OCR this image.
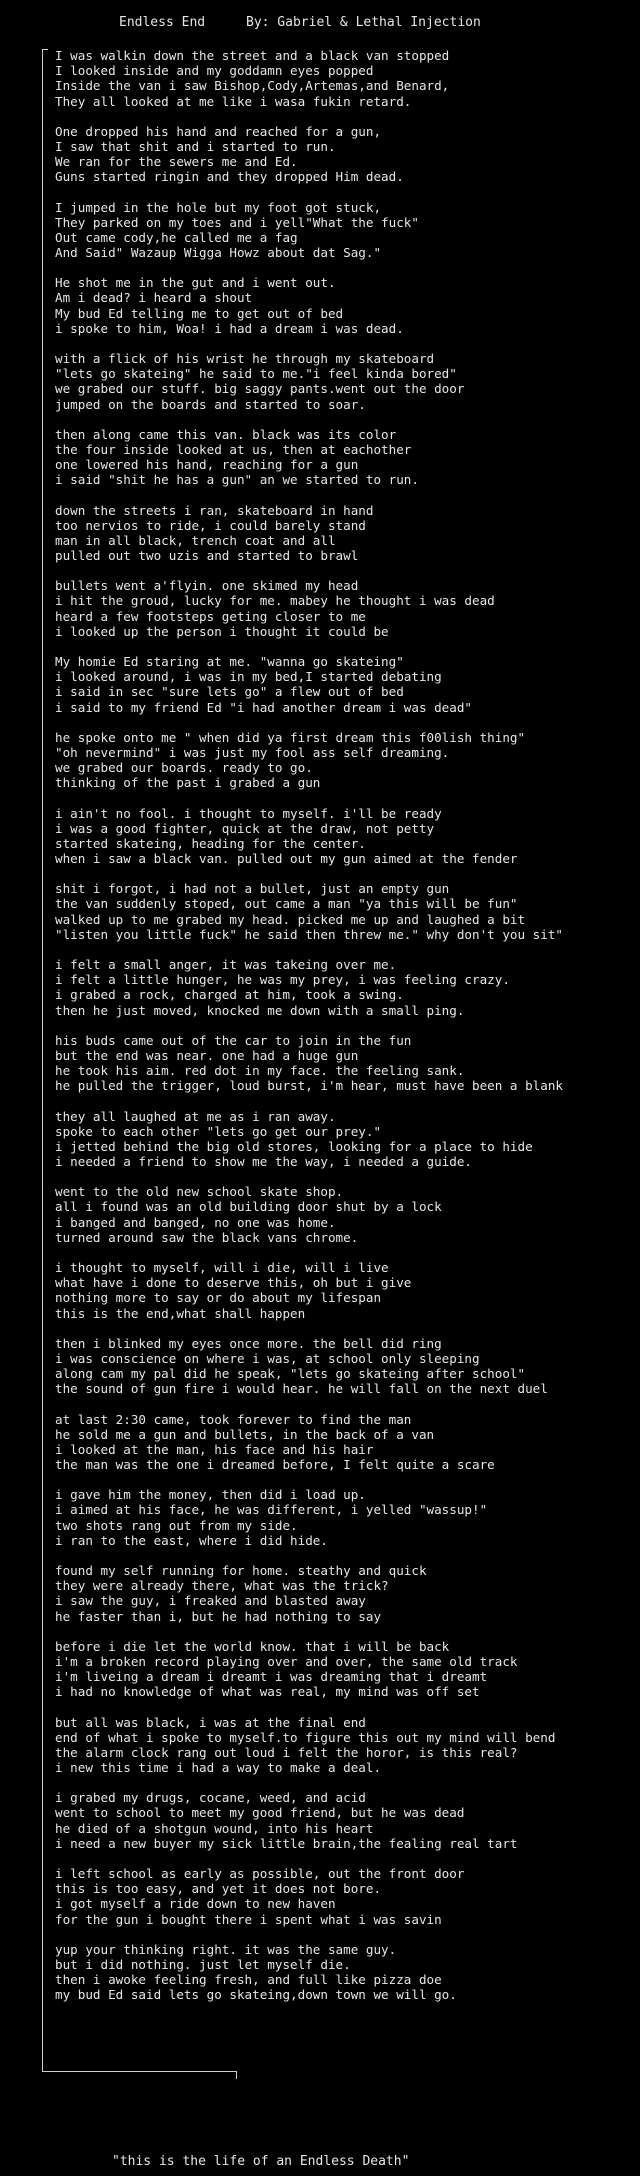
Endless End

	By: Gabriel & Lethal Injection

I was walkin down the street and a black van stopped
I looked inside and my goddamn eyes popped
Inside the van i saw Bishop,Cody,Artemas,and Benard,
They all looked at me like i wasa fukin retard.
One dropped his hand and reached for a gun,
I saw that shit and i started to run.
We ran for the sewers me and Ed.
Guns started ringin and they dropped Him dead.
I jumped in the hole but my foot got stuck,
They parked on my toes and i yell"What the fuck"
Out came cody,he called me a fag
And Said" Wazaup Wigga Howz about dat Sag."
He shot me in the gut and i went out.
Am i dead? i heard a shout
My bud Ed telling me to get out of bed
i spoke to him, Woa! i had a dream i was dead.
with a flick of his wrist he through my skateboard
"lets go skateing" he said to me."i feel kinda bored"
we grabed our stuff. big saggy pants.went out the door
jumped on the boards and started to soar.
then along came this van. black was its color
the four inside looked at us, then at eachother
one lowered his hand, reaching for a gun
i said "shit he has a gun" an we started to run.
down the streets i ran, skateboard in hand
too nervios to ride, i could barely stand
man in all black, trench coat and all
pulled out two uzis and started to brawl
bullets went a'flyin. one skimed my head
i hit the groud, lucky for me. mabey he thought i was dead
heard a few footsteps geting closer to me
i looked up the person i thought it could be
My homie Ed staring at me. "wanna go skateing"
i looked around, i was in my bed,I started debating
i said in sec "sure lets go" a flew out of bed
i said to my friend Ed "i had another dream i was dead"
he spoke onto me " when did ya first dream this f00lish thing"
"oh nevermind" i was just my fool ass self dreaming.
we grabed our boards. ready to go.
thinking of the past i grabed a gun
i ain't no fool. i thought to myself. i'll be ready
i was a good fighter, quick at the draw, not petty
started skateing, heading for the center.
when i saw a black van. pulled out my gun aimed at the fender
shit i forgot, i had not a bullet, just an empty gun
the van suddenly stoped, out came a man "ya this will be fun"
walked up to me grabed my head. picked me up and laughed a bit
"listen you little fuck" he said then threw me." why don't you sit"
i felt a small anger, it was takeing over me.
i felt a little hunger, he was my prey, i was feeling crazy.
i grabed a rock, charged at him, took a swing.
then he just moved, knocked me down with a small ping.
his buds came out of the car to join in the fun
but the end was near. one had a huge gun
he took his aim. red dot in my face. the feeling sank.
he pulled the trigger, loud burst, i'm hear, must have been a blank
they all laughed at me as i ran away.
spoke to each other "lets go get our prey."
i jetted behind the big old stores, looking for a place to hide
i needed a friend to show me the way, i needed a guide.
went to the old new school skate shop.
all i found was an old building door shut by a lock
i banged and banged, no one was home.
turned around saw the black vans chrome.
i thought to myself, will i die, will i live
what have i done to deserve this, oh but i give
nothing more to say or do about my lifespan
this is the end,what shall happen
then i blinked my eyes once more. the bell did ring
i was conscience on where i was, at school only sleeping
along cam my pal did he speak, "lets go skateing after school"
the sound of gun fire i would hear. he will fall on the next duel
at last 2:30 came, took forever to find the man
he sold me a gun and bullets, in the back of a van
i looked at the man, his face and his hair
the man was the one i dreamed before, I felt quite a scare
i gave him the money, then did i load up.
i aimed at his face, he was different, i yelled "wassup!"
two shots rang out from my side.
i ran to the east, where i did hide.
found my self running for home. steathy and quick
they were already there, what was the trick?
i saw the guy, i freaked and blasted away
he faster than i, but he had nothing to say
before i die let the world know. that i will be back
i'm a broken record playing over and over, the same old track
i'm liveing a dream i dreamt i was dreaming that i dreamt
i had no knowledge of what was real, my mind was off set
but all was black, i was at the final end
end of what i spoke to myself.to figure this out my mind will bend
the alarm clock rang out loud i felt the horor, is this real?
i new this time i had a way to make a deal.
i grabed my drugs, cocane, weed, and acid
went to school to meet my good friend, but he was dead
he died of a shotgun wound, into his heart
i need a new buyer my sick little brain,the fealing real tart
i left school as early as possible, out the front door
this is too easy, and yet it does not bore.
i got myself a ride down to new haven
for the gun i bought there i spent what i was savin
yup your thinking right. it was the same guy.
but i did nothing. just let myself die.
then i awoke feeling fresh, and full like pizza doe
my bud Ed said lets go skateing,down town we will go.

"this is the life of an Endless Death"
